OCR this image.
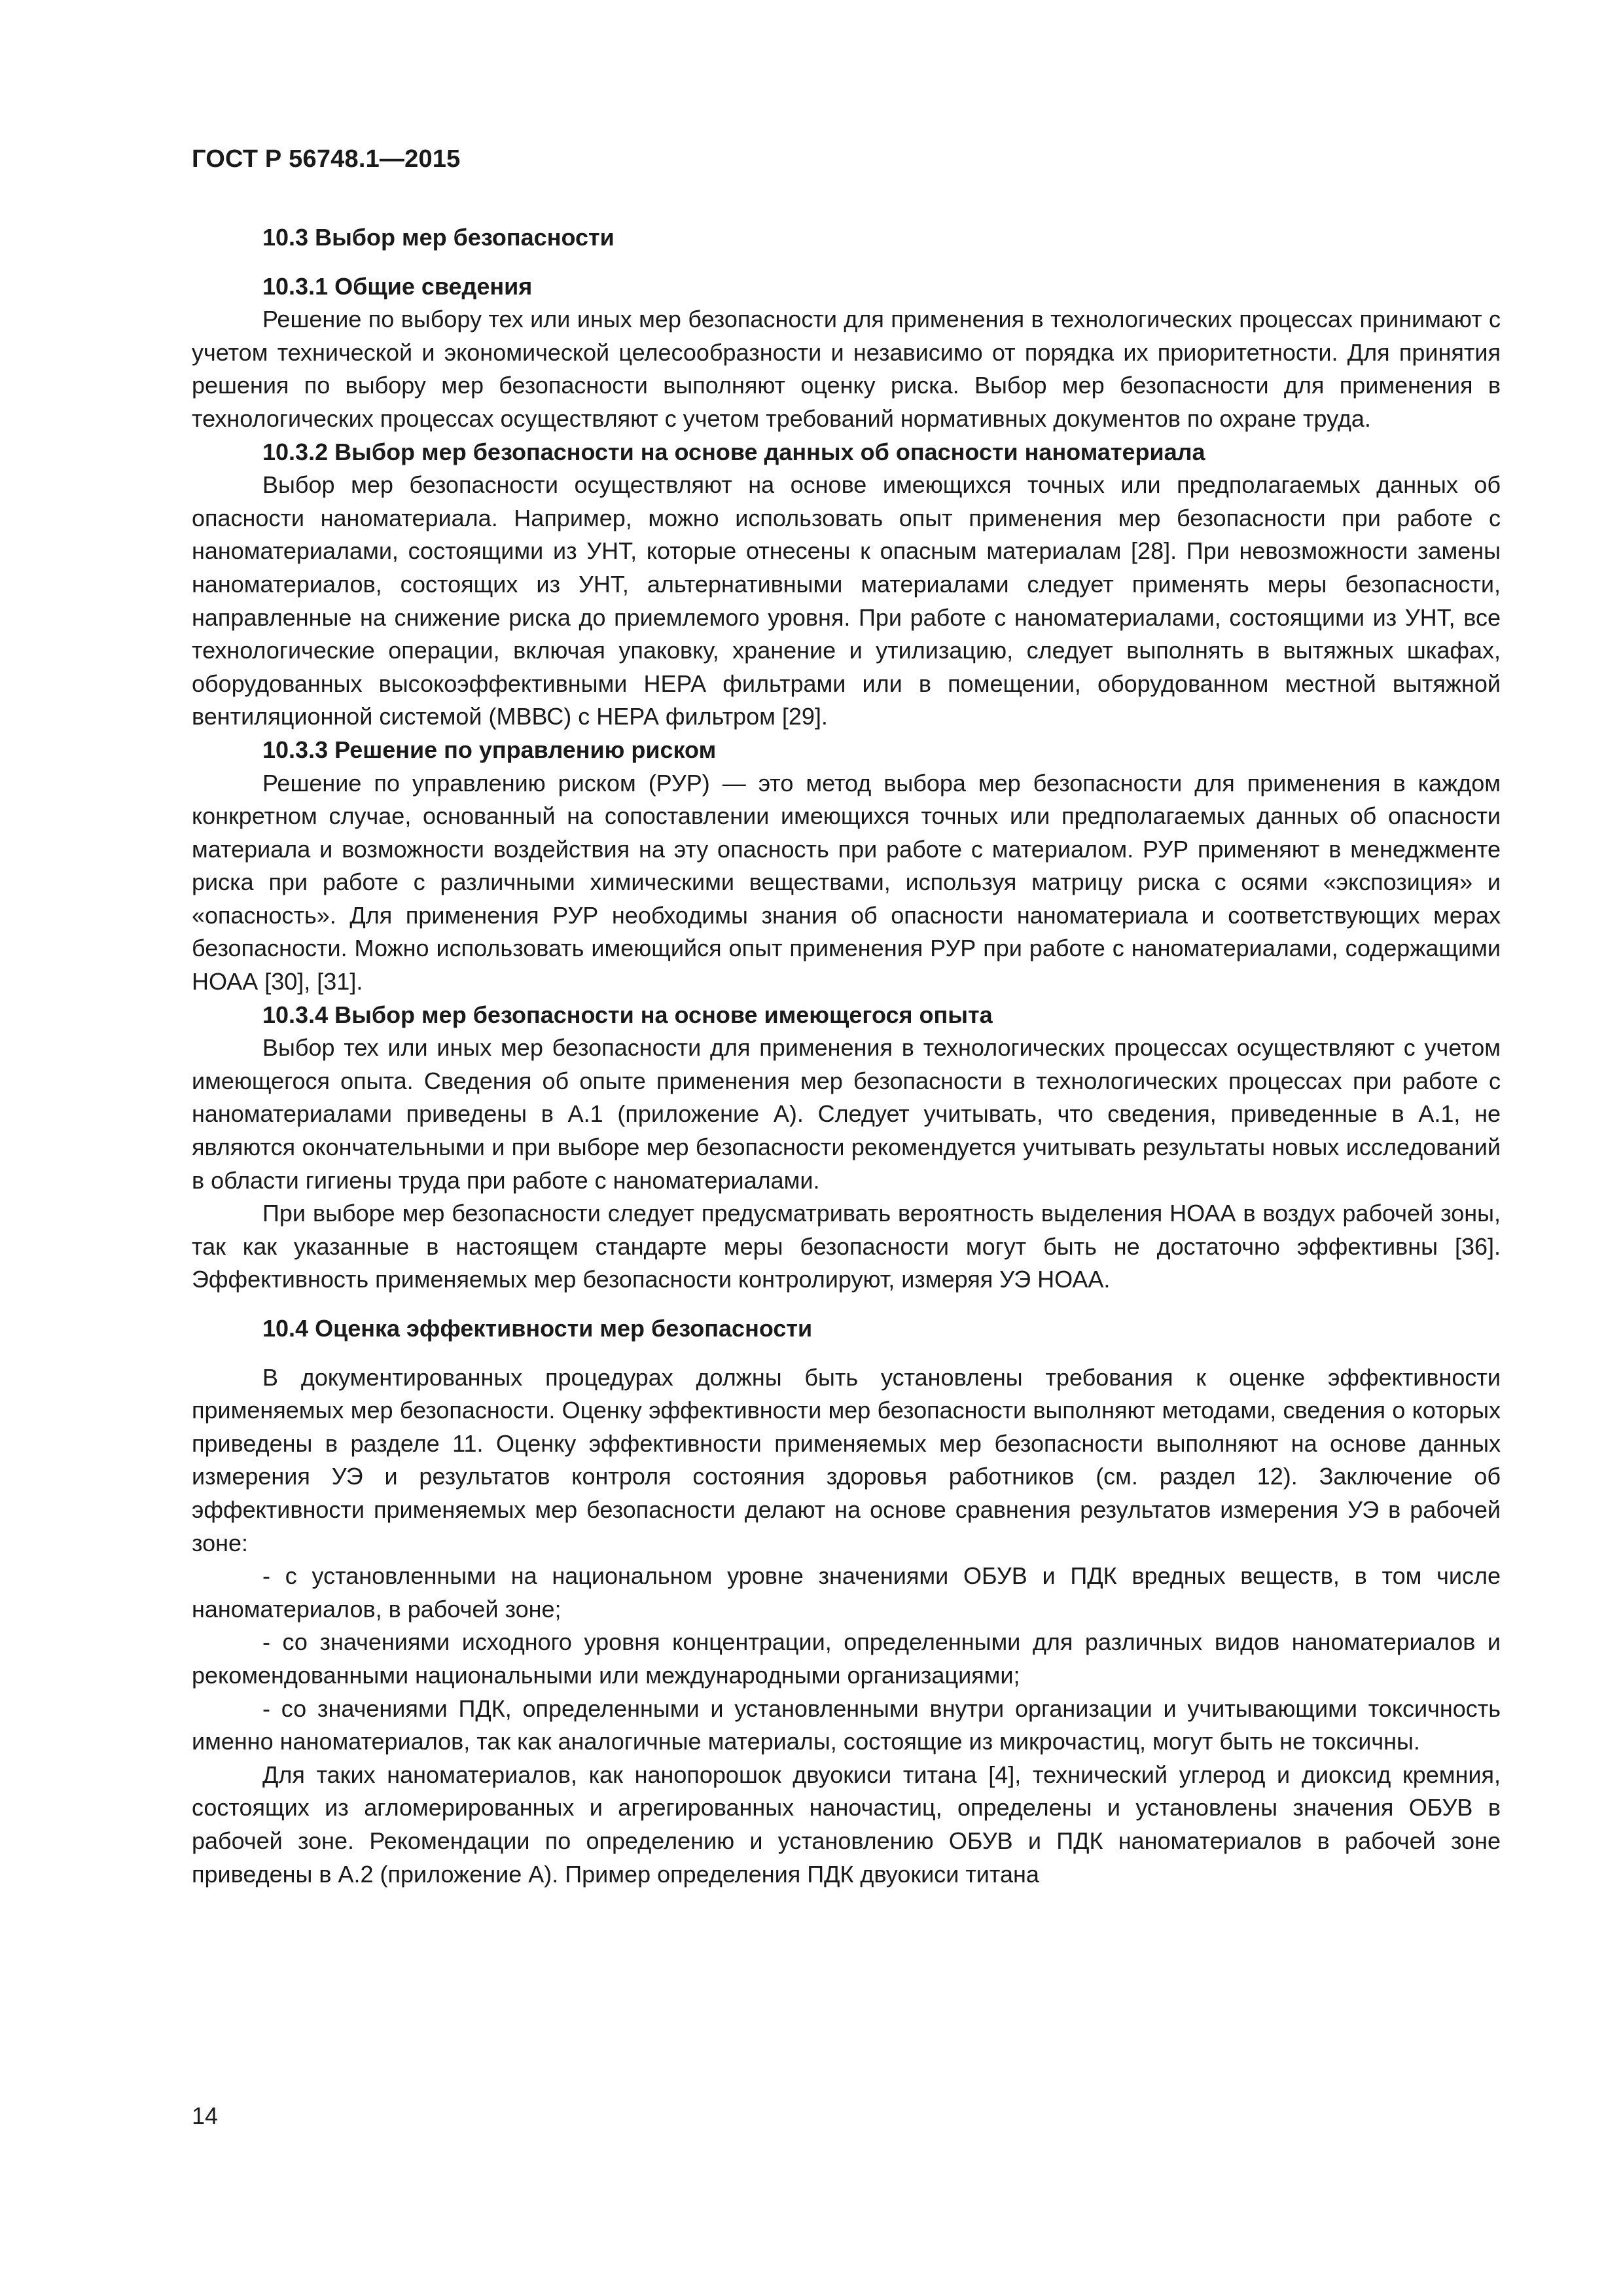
ГОСТ Р 56748.1—2015
10.3 Выбор мер безопасности
10.3.1 Общие сведения

Решение по выбору тех или иных мер безопасности для применения в технологических процессах принимают с учетом технической и экономической целесообразности и независимо от порядка их приоритетности. Для принятия решения по выбору мер безопасности выполняют оценку риска. Выбор мер безопасности для применения в технологических процессах осуществляют с учетом требований нормативных документов по охране труда.

10.3.2 Выбор мер безопасности на основе данных об опасности наноматериала

Выбор мер безопасности осуществляют на основе имеющихся точных или предполагаемых данных об опасности наноматериала. Например, можно использовать опыт применения мер безопасности при работе с наноматериалами, состоящими из УНТ, которые отнесены к опасным материалам [28]. При невозможности замены наноматериалов, состоящих из УНТ, альтернативными материалами следует применять меры безопасности, направленные на снижение риска до приемлемого уровня. При работе с наноматериалами, состоящими из УНТ, все технологические операции, включая упаковку, хранение и утилизацию, следует выполнять в вытяжных шкафах, оборудованных высокоэффективными НЕРА фильтрами или в помещении, оборудованном местной вытяжной вентиляционной системой (МВВС) с НЕРА фильтром [29].

10.3.3 Решение по управлению риском

Решение по управлению риском (РУР) — это метод выбора мер безопасности для применения в каждом конкретном случае, основанный на сопоставлении имеющихся точных или предполагаемых данных об опасности материала и возможности воздействия на эту опасность при работе с материалом. РУР применяют в менеджменте риска при работе с различными химическими веществами, используя матрицу риска с осями «экспозиция» и «опасность». Для применения РУР необходимы знания об опасности наноматериала и соответствующих мерах безопасности. Можно использовать имеющийся опыт применения РУР при работе с наноматериалами, содержащими НОАА [30], [31].

10.3.4 Выбор мер безопасности на основе имеющегося опыта

Выбор тех или иных мер безопасности для применения в технологических процессах осуществляют с учетом имеющегося опыта. Сведения об опыте применения мер безопасности в технологических процессах при работе с наноматериалами приведены в А.1 (приложение А). Следует учитывать, что сведения, приведенные в А.1, не являются окончательными и при выборе мер безопасности рекомендуется учитывать результаты новых исследований в области гигиены труда при работе с наноматериалами.

При выборе мер безопасности следует предусматривать вероятность выделения НОАА в воздух рабочей зоны, так как указанные в настоящем стандарте меры безопасности могут быть не достаточно эффективны [36]. Эффективность применяемых мер безопасности контролируют, измеряя УЭ НОАА.

10.4 Оценка эффективности мер безопасности

В документированных процедурах должны быть установлены требования к оценке эффективности применяемых мер безопасности. Оценку эффективности мер безопасности выполняют методами, сведения о которых приведены в разделе 11. Оценку эффективности применяемых мер безопасности выполняют на основе данных измерения УЭ и результатов контроля состояния здоровья работников (см. раздел 12). Заключение об эффективности применяемых мер безопасности делают на основе сравнения результатов измерения УЭ в рабочей зоне:

- с установленными на национальном уровне значениями ОБУВ и ПДК вредных веществ, в том числе наноматериалов, в рабочей зоне;

- со значениями исходного уровня концентрации, определенными для различных видов наноматериалов и рекомендованными национальными или международными организациями;

- со значениями ПДК, определенными и установленными внутри организации и учитывающими токсичность именно наноматериалов, так как аналогичные материалы, состоящие из микрочастиц, могут быть не токсичны.

Для таких наноматериалов, как нанопорошок двуокиси титана [4], технический углерод и диоксид кремния, состоящих из агломерированных и агрегированных наночастиц, определены и установлены значения ОБУВ в рабочей зоне. Рекомендации по определению и установлению ОБУВ и ПДК наноматериалов в рабочей зоне приведены в А.2 (приложение А). Пример определения ПДК двуокиси титана

14
